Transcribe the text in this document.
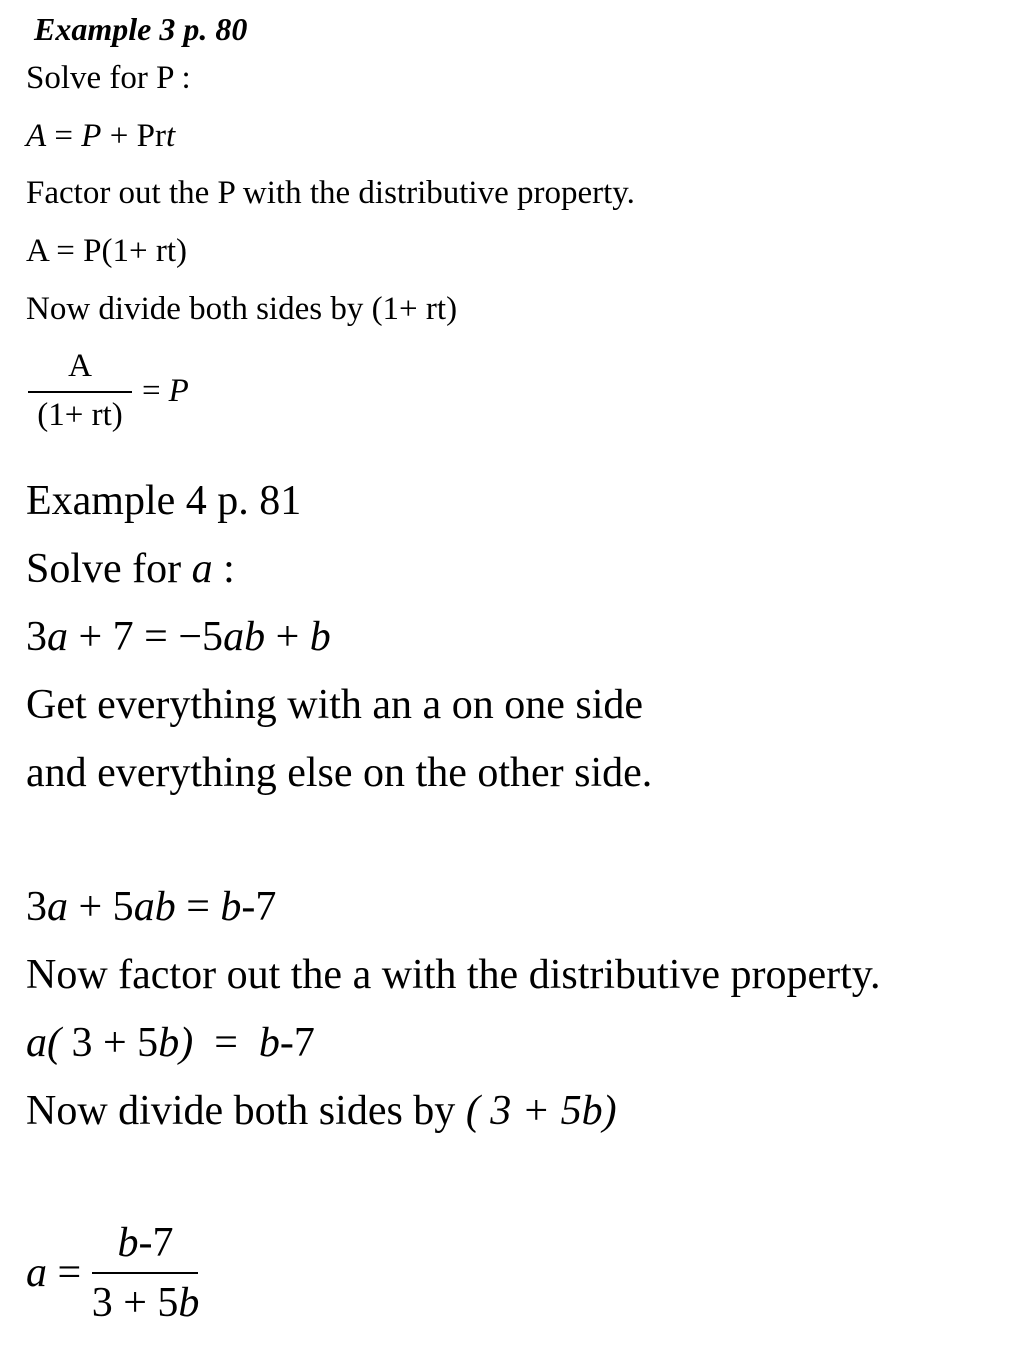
Example 3 p. 80
Solve for P :
A = P + Prt
Factor out the P with the distributive property.
A = P(1+ rt)
Now divide both sides by (1+ rt)
$\frac{A}{(1+ rt)} = P$
Example 4 p. 81
Solve for a :
3a + 7 = −5ab + b
Get everything with an a on one side
and everything else on the other side.
3a + 5ab = b-7
Now factor out the a with the distributive property.
a( 3 + 5b)  =  b-7
Now divide both sides by ( 3 + 5b)
$a = \frac{b-7}{3 + 5b}$
